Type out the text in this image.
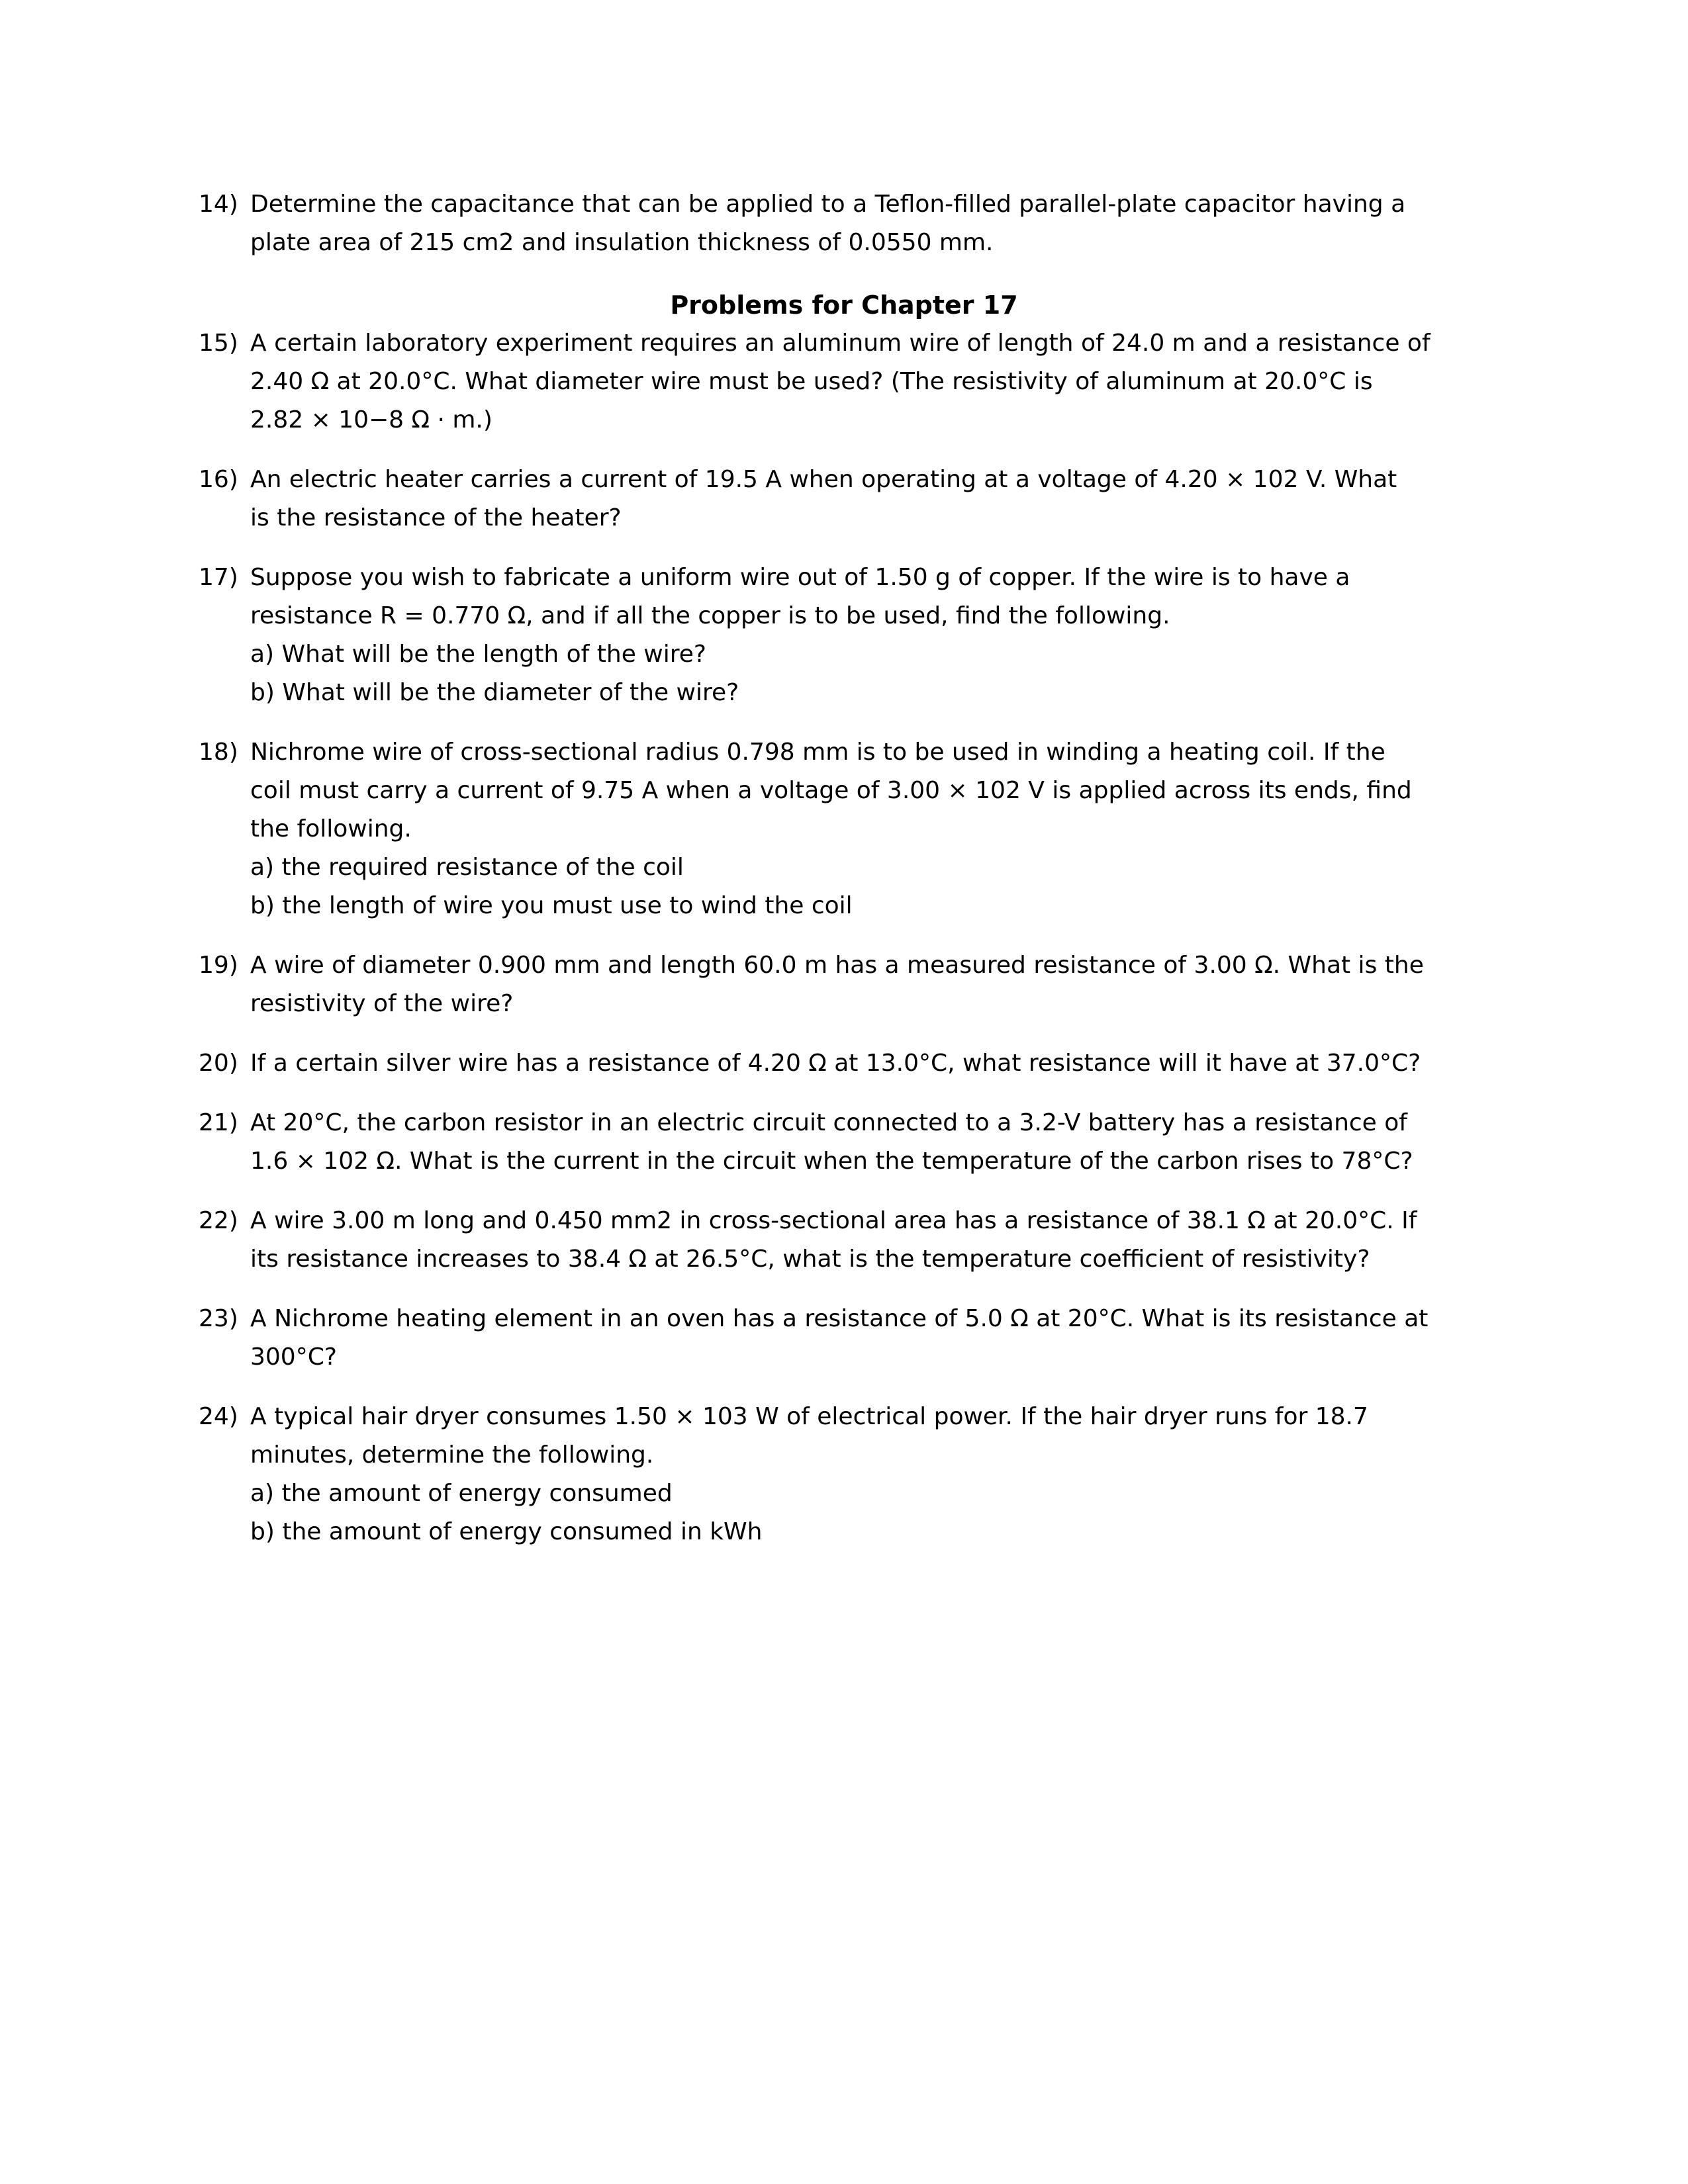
14) Determine the capacitance that can be applied to a Teflon-filled parallel-plate capacitor having a
plate area of 215 cm2 and insulation thickness of 0.0550 mm.
Problems for Chapter 17
15) A certain laboratory experiment requires an aluminum wire of length of 24.0 m and a resistance of
2.40 Ω at 20.0°C. What diameter wire must be used? (The resistivity of aluminum at 20.0°C is
2.82 × 10−8 Ω · m.)
16) An electric heater carries a current of 19.5 A when operating at a voltage of 4.20 × 102 V. What
is the resistance of the heater?
17) Suppose you wish to fabricate a uniform wire out of 1.50 g of copper. If the wire is to have a
resistance R = 0.770 Ω, and if all the copper is to be used, find the following.
a) What will be the length of the wire?
b) What will be the diameter of the wire?
18) Nichrome wire of cross-sectional radius 0.798 mm is to be used in winding a heating coil. If the
coil must carry a current of 9.75 A when a voltage of 3.00 × 102 V is applied across its ends, find
the following.
a) the required resistance of the coil
b) the length of wire you must use to wind the coil
19) A wire of diameter 0.900 mm and length 60.0 m has a measured resistance of 3.00 Ω. What is the
resistivity of the wire?
20) If a certain silver wire has a resistance of 4.20 Ω at 13.0°C, what resistance will it have at 37.0°C?
21) At 20°C, the carbon resistor in an electric circuit connected to a 3.2-V battery has a resistance of
1.6 × 102 Ω. What is the current in the circuit when the temperature of the carbon rises to 78°C?
22) A wire 3.00 m long and 0.450 mm2 in cross-sectional area has a resistance of 38.1 Ω at 20.0°C. If
its resistance increases to 38.4 Ω at 26.5°C, what is the temperature coefficient of resistivity?
23) A Nichrome heating element in an oven has a resistance of 5.0 Ω at 20°C. What is its resistance at
300°C?
24) A typical hair dryer consumes 1.50 × 103 W of electrical power. If the hair dryer runs for 18.7
minutes, determine the following.
a) the amount of energy consumed
b) the amount of energy consumed in kWh
